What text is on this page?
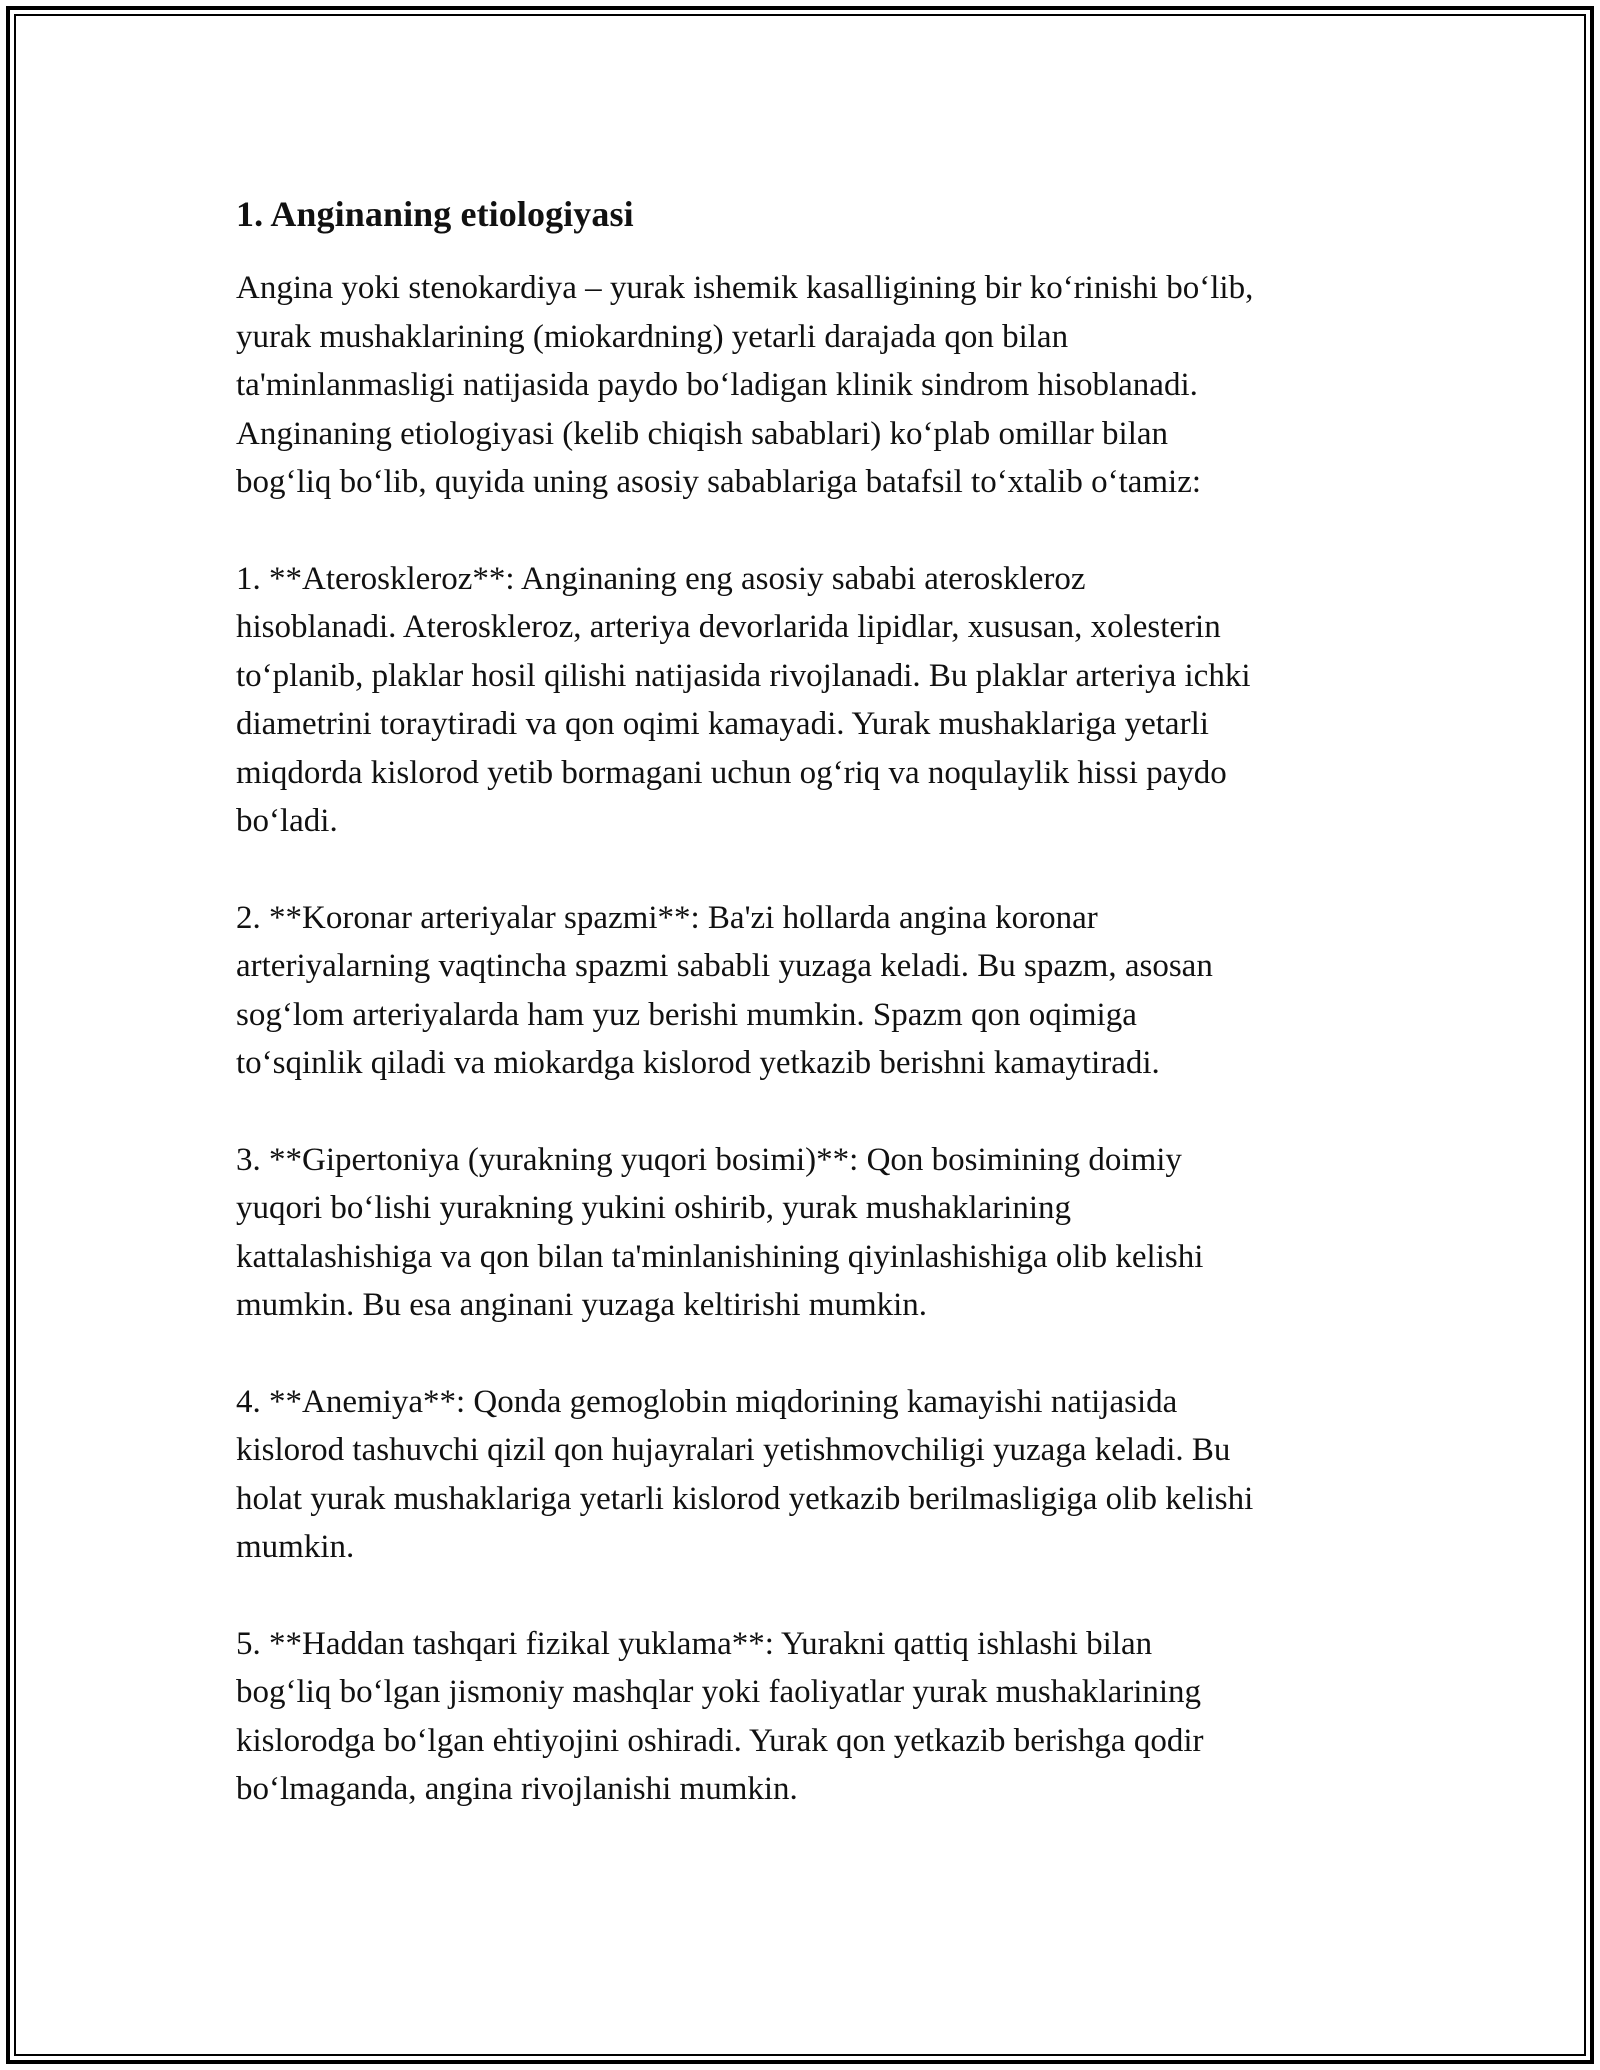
1. Anginaning etiologiyasi

Angina yoki stenokardiya – yurak ishemik kasalligining bir ko‘rinishi bo‘lib,
yurak mushaklarining (miokardning) yetarli darajada qon bilan
ta'minlanmasligi natijasida paydo bo‘ladigan klinik sindrom hisoblanadi.
Anginaning etiologiyasi (kelib chiqish sabablari) ko‘plab omillar bilan
bog‘liq bo‘lib, quyida uning asosiy sabablariga batafsil to‘xtalib o‘tamiz:

1. **Ateroskleroz**: Anginaning eng asosiy sababi ateroskleroz
hisoblanadi. Ateroskleroz, arteriya devorlarida lipidlar, xususan, xolesterin
to‘planib, plaklar hosil qilishi natijasida rivojlanadi. Bu plaklar arteriya ichki
diametrini toraytiradi va qon oqimi kamayadi. Yurak mushaklariga yetarli
miqdorda kislorod yetib bormagani uchun og‘riq va noqulaylik hissi paydo
bo‘ladi.

2. **Koronar arteriyalar spazmi**: Ba'zi hollarda angina koronar
arteriyalarning vaqtincha spazmi sababli yuzaga keladi. Bu spazm, asosan
sog‘lom arteriyalarda ham yuz berishi mumkin. Spazm qon oqimiga
to‘sqinlik qiladi va miokardga kislorod yetkazib berishni kamaytiradi.

3. **Gipertoniya (yurakning yuqori bosimi)**: Qon bosimining doimiy
yuqori bo‘lishi yurakning yukini oshirib, yurak mushaklarining
kattalashishiga va qon bilan ta'minlanishining qiyinlashishiga olib kelishi
mumkin. Bu esa anginani yuzaga keltirishi mumkin.

4. **Anemiya**: Qonda gemoglobin miqdorining kamayishi natijasida
kislorod tashuvchi qizil qon hujayralari yetishmovchiligi yuzaga keladi. Bu
holat yurak mushaklariga yetarli kislorod yetkazib berilmasligiga olib kelishi
mumkin.

5. **Haddan tashqari fizikal yuklama**: Yurakni qattiq ishlashi bilan
bog‘liq bo‘lgan jismoniy mashqlar yoki faoliyatlar yurak mushaklarining
kislorodga bo‘lgan ehtiyojini oshiradi. Yurak qon yetkazib berishga qodir
bo‘lmaganda, angina rivojlanishi mumkin.
